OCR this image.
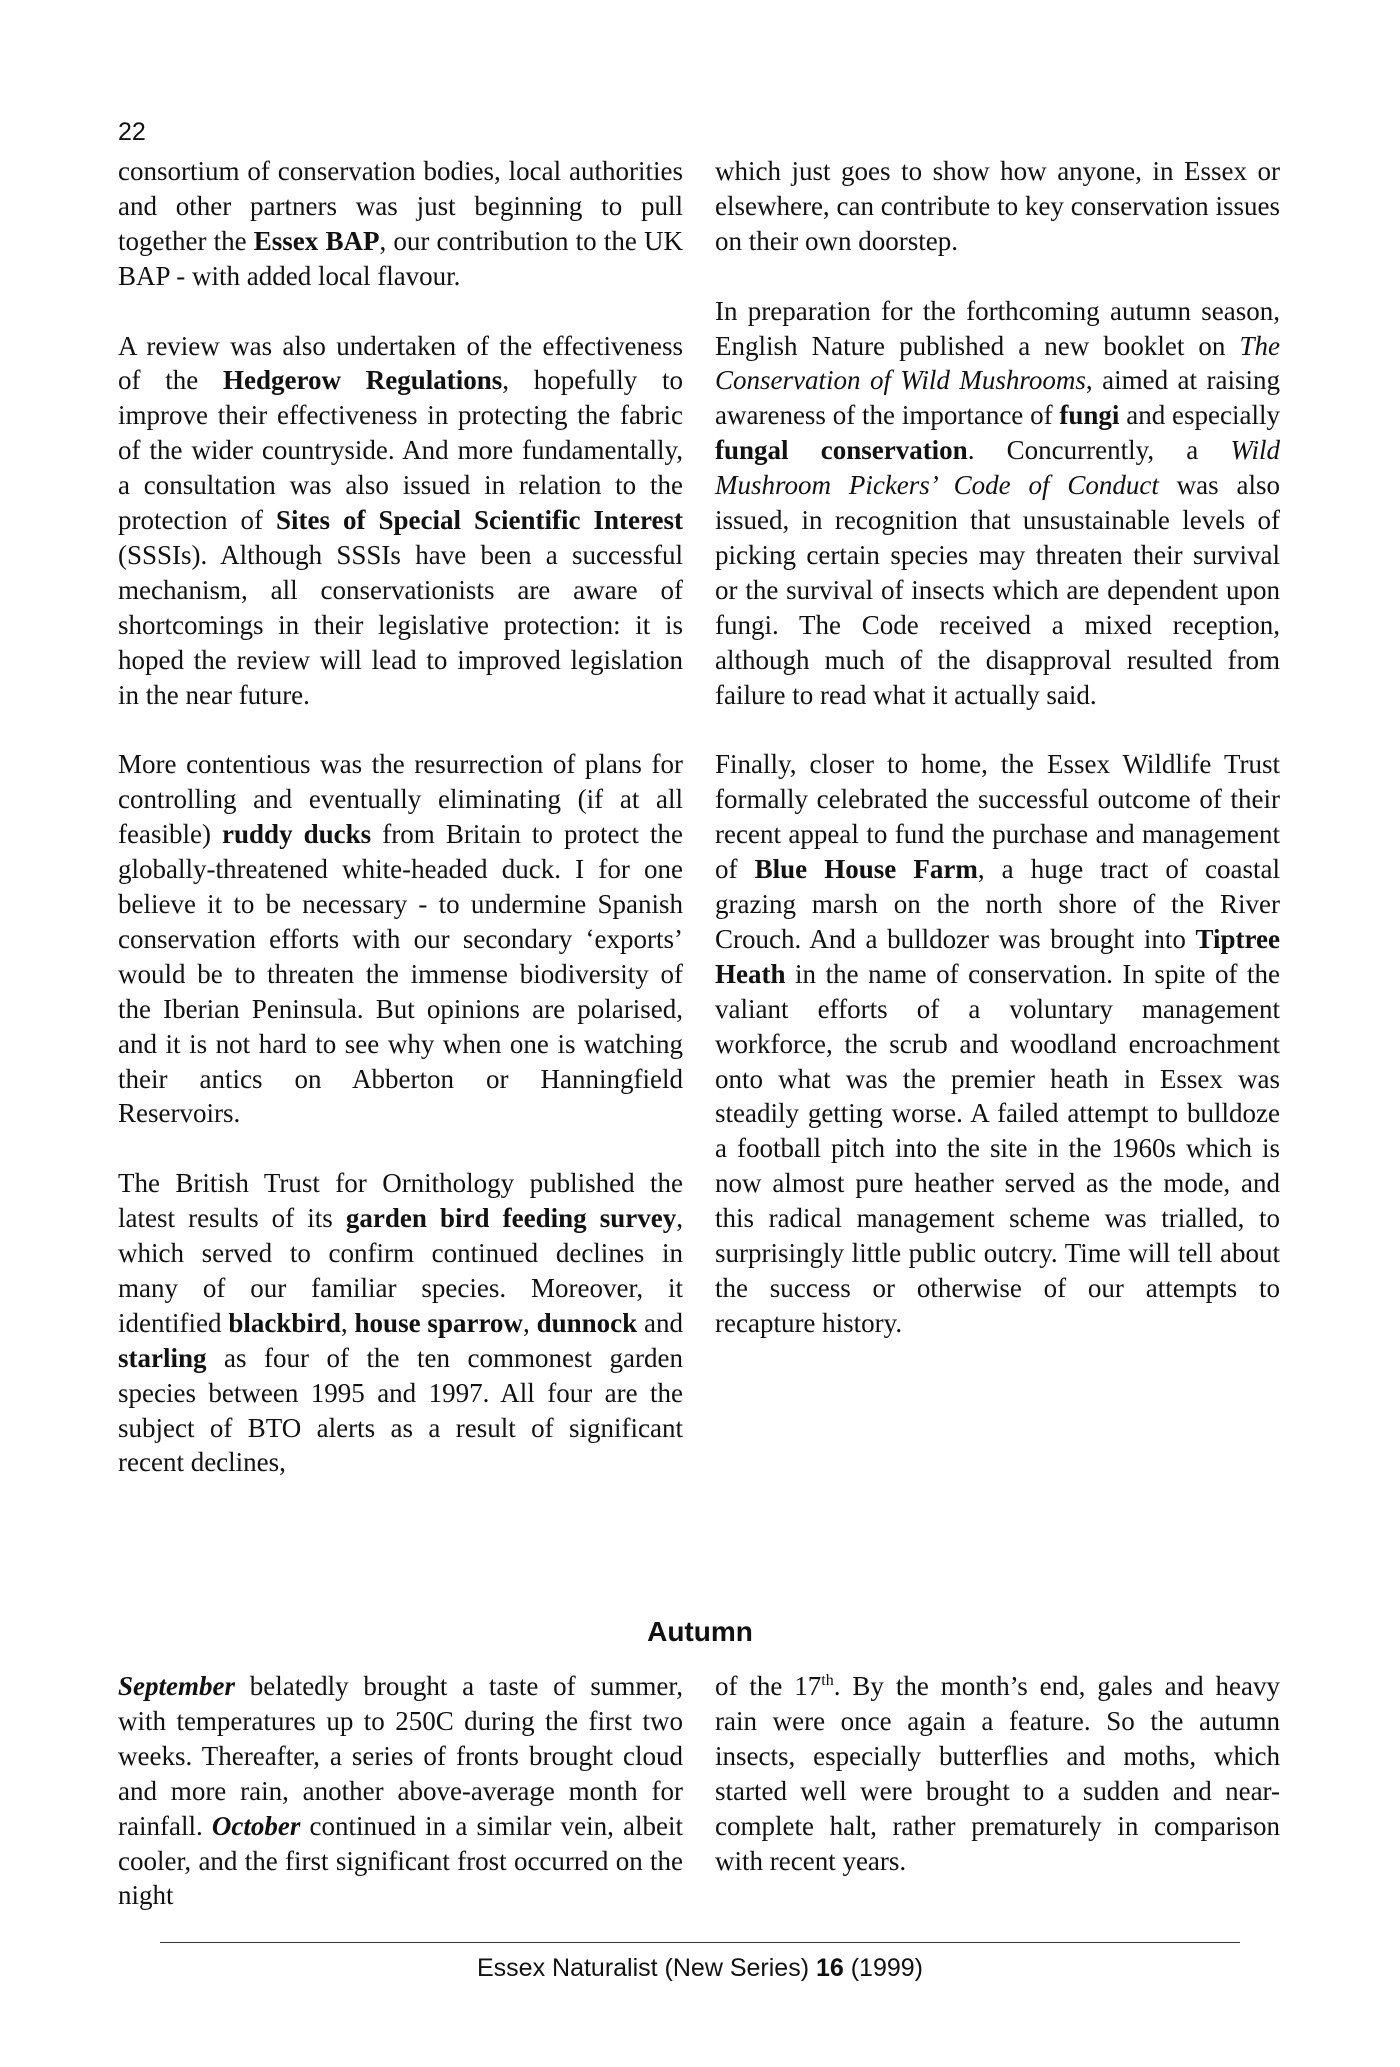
22

consortium of conservation bodies, local authorities and other partners was just beginning to pull together the Essex BAP, our contribution to the UK BAP - with added local flavour.

A review was also undertaken of the effectiveness of the Hedgerow Regulations, hopefully to improve their effectiveness in protecting the fabric of the wider countryside. And more fundamentally, a consultation was also issued in relation to the protection of Sites of Special Scientific Interest (SSSIs). Although SSSIs have been a successful mechanism, all conservationists are aware of shortcomings in their legislative protection: it is hoped the review will lead to improved legislation in the near future.

More contentious was the resurrection of plans for controlling and eventually eliminating (if at all feasible) ruddy ducks from Britain to protect the globally-threatened white-headed duck. I for one believe it to be necessary - to undermine Spanish conservation efforts with our secondary ‘exports’ would be to threaten the immense biodiversity of the Iberian Peninsula. But opinions are polarised, and it is not hard to see why when one is watching their antics on Abberton or Hanningfield Reservoirs.

The British Trust for Ornithology published the latest results of its garden bird feeding survey, which served to confirm continued declines in many of our familiar species. Moreover, it identified blackbird, house sparrow, dunnock and starling as four of the ten commonest garden species between 1995 and 1997. All four are the subject of BTO alerts as a result of significant recent declines,

which just goes to show how anyone, in Essex or elsewhere, can contribute to key conservation issues on their own doorstep.

In preparation for the forthcoming autumn season, English Nature published a new booklet on The Conservation of Wild Mushrooms, aimed at raising awareness of the importance of fungi and especially fungal conservation. Concurrently, a Wild Mushroom Pickers’ Code of Conduct was also issued, in recognition that unsustainable levels of picking certain species may threaten their survival or the survival of insects which are dependent upon fungi. The Code received a mixed reception, although much of the disapproval resulted from failure to read what it actually said.

Finally, closer to home, the Essex Wildlife Trust formally celebrated the successful outcome of their recent appeal to fund the purchase and management of Blue House Farm, a huge tract of coastal grazing marsh on the north shore of the River Crouch. And a bulldozer was brought into Tiptree Heath in the name of conservation. In spite of the valiant efforts of a voluntary management workforce, the scrub and woodland encroachment onto what was the premier heath in Essex was steadily getting worse. A failed attempt to bulldoze a football pitch into the site in the 1960s which is now almost pure heather served as the mode, and this radical management scheme was trialled, to surprisingly little public outcry. Time will tell about the success or otherwise of our attempts to recapture history.

Autumn

September belatedly brought a taste of summer, with temperatures up to 250C during the first two weeks. Thereafter, a series of fronts brought cloud and more rain, another above-average month for rainfall. October continued in a similar vein, albeit cooler, and the first significant frost occurred on the night

of the 17th. By the month’s end, gales and heavy rain were once again a feature. So the autumn insects, especially butterflies and moths, which started well were brought to a sudden and near-complete halt, rather prematurely in comparison with recent years.

Essex Naturalist (New Series) 16 (1999)
